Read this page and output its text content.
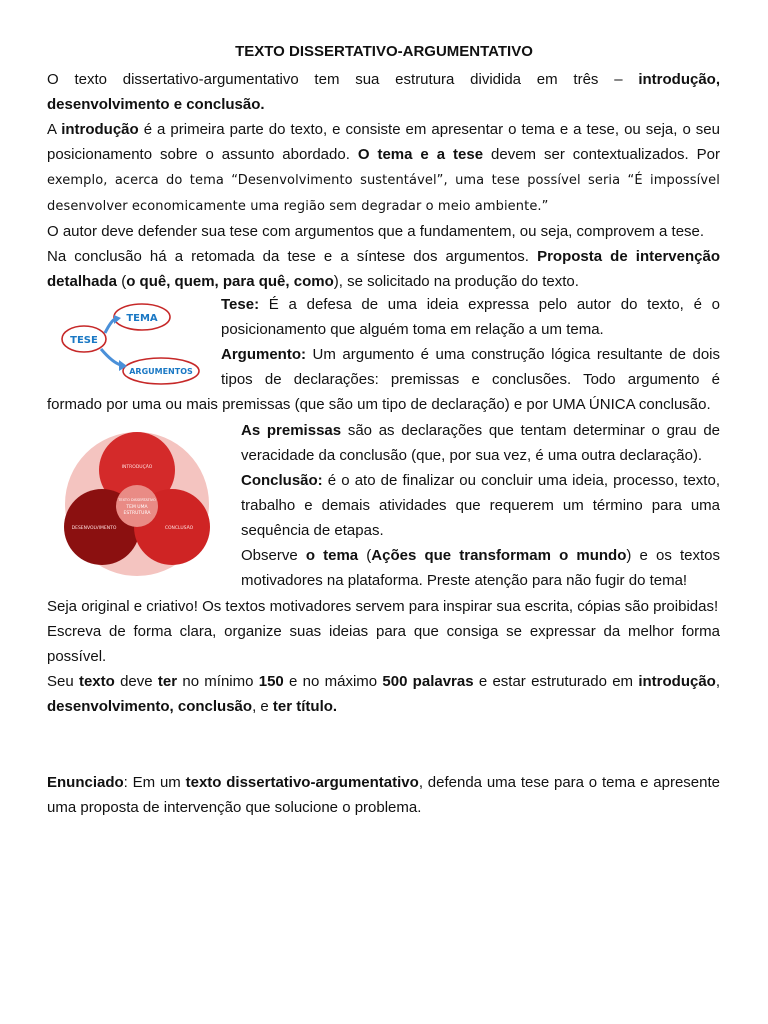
TEXTO DISSERTATIVO-ARGUMENTATIVO

O texto dissertativo-argumentativo tem sua estrutura dividida em três – introdução, desenvolvimento e conclusão.

A introdução é a primeira parte do texto, e consiste em apresentar o tema e a tese, ou seja, o seu posicionamento sobre o assunto abordado. O tema e a tese devem ser contextualizados. Por exemplo, acerca do tema “Desenvolvimento sustentável”, uma tese possível seria “É impossível desenvolver economicamente uma região sem degradar o meio ambiente.”

O autor deve defender sua tese com argumentos que a fundamentem, ou seja, comprovem a tese.

Na conclusão há a retomada da tese e a síntese dos argumentos. Proposta de intervenção detalhada (o quê, quem, para quê, como), se solicitado na produção do texto.

TEMA
TESE
ARGUMENTOS

Tese: É a defesa de uma ideia expressa pelo autor do texto, é o posicionamento que alguém toma em relação a um tema.

Argumento: Um argumento é uma construção lógica resultante de dois tipos de declarações: premissas e conclusões. Todo argumento é

formado por uma ou mais premissas (que são um tipo de declaração) e por UMA ÚNICA conclusão.

INTRODUÇÃO
DESENVOLVIMENTO	CONCLUSÃO
TEXTO DISSERTATIVO
TEM UMA
ESTRUTURA

As premissas são as declarações que tentam determinar o grau de veracidade da conclusão (que, por sua vez, é uma outra declaração).

Conclusão: é o ato de finalizar ou concluir uma ideia, processo, texto, trabalho e demais atividades que requerem um término para uma sequência de etapas.

Observe o tema (Ações que transformam o mundo) e os textos motivadores na plataforma. Preste atenção para não fugir do tema!

Seja original e criativo! Os textos motivadores servem para inspirar sua escrita, cópias são proibidas!

Escreva de forma clara, organize suas ideias para que consiga se expressar da melhor forma possível.

Seu texto deve ter no mínimo 150 e no máximo 500 palavras e estar estruturado em introdução, desenvolvimento, conclusão, e ter título.

Enunciado: Em um texto dissertativo-argumentativo, defenda uma tese para o tema e apresente uma proposta de intervenção que solucione o problema.
